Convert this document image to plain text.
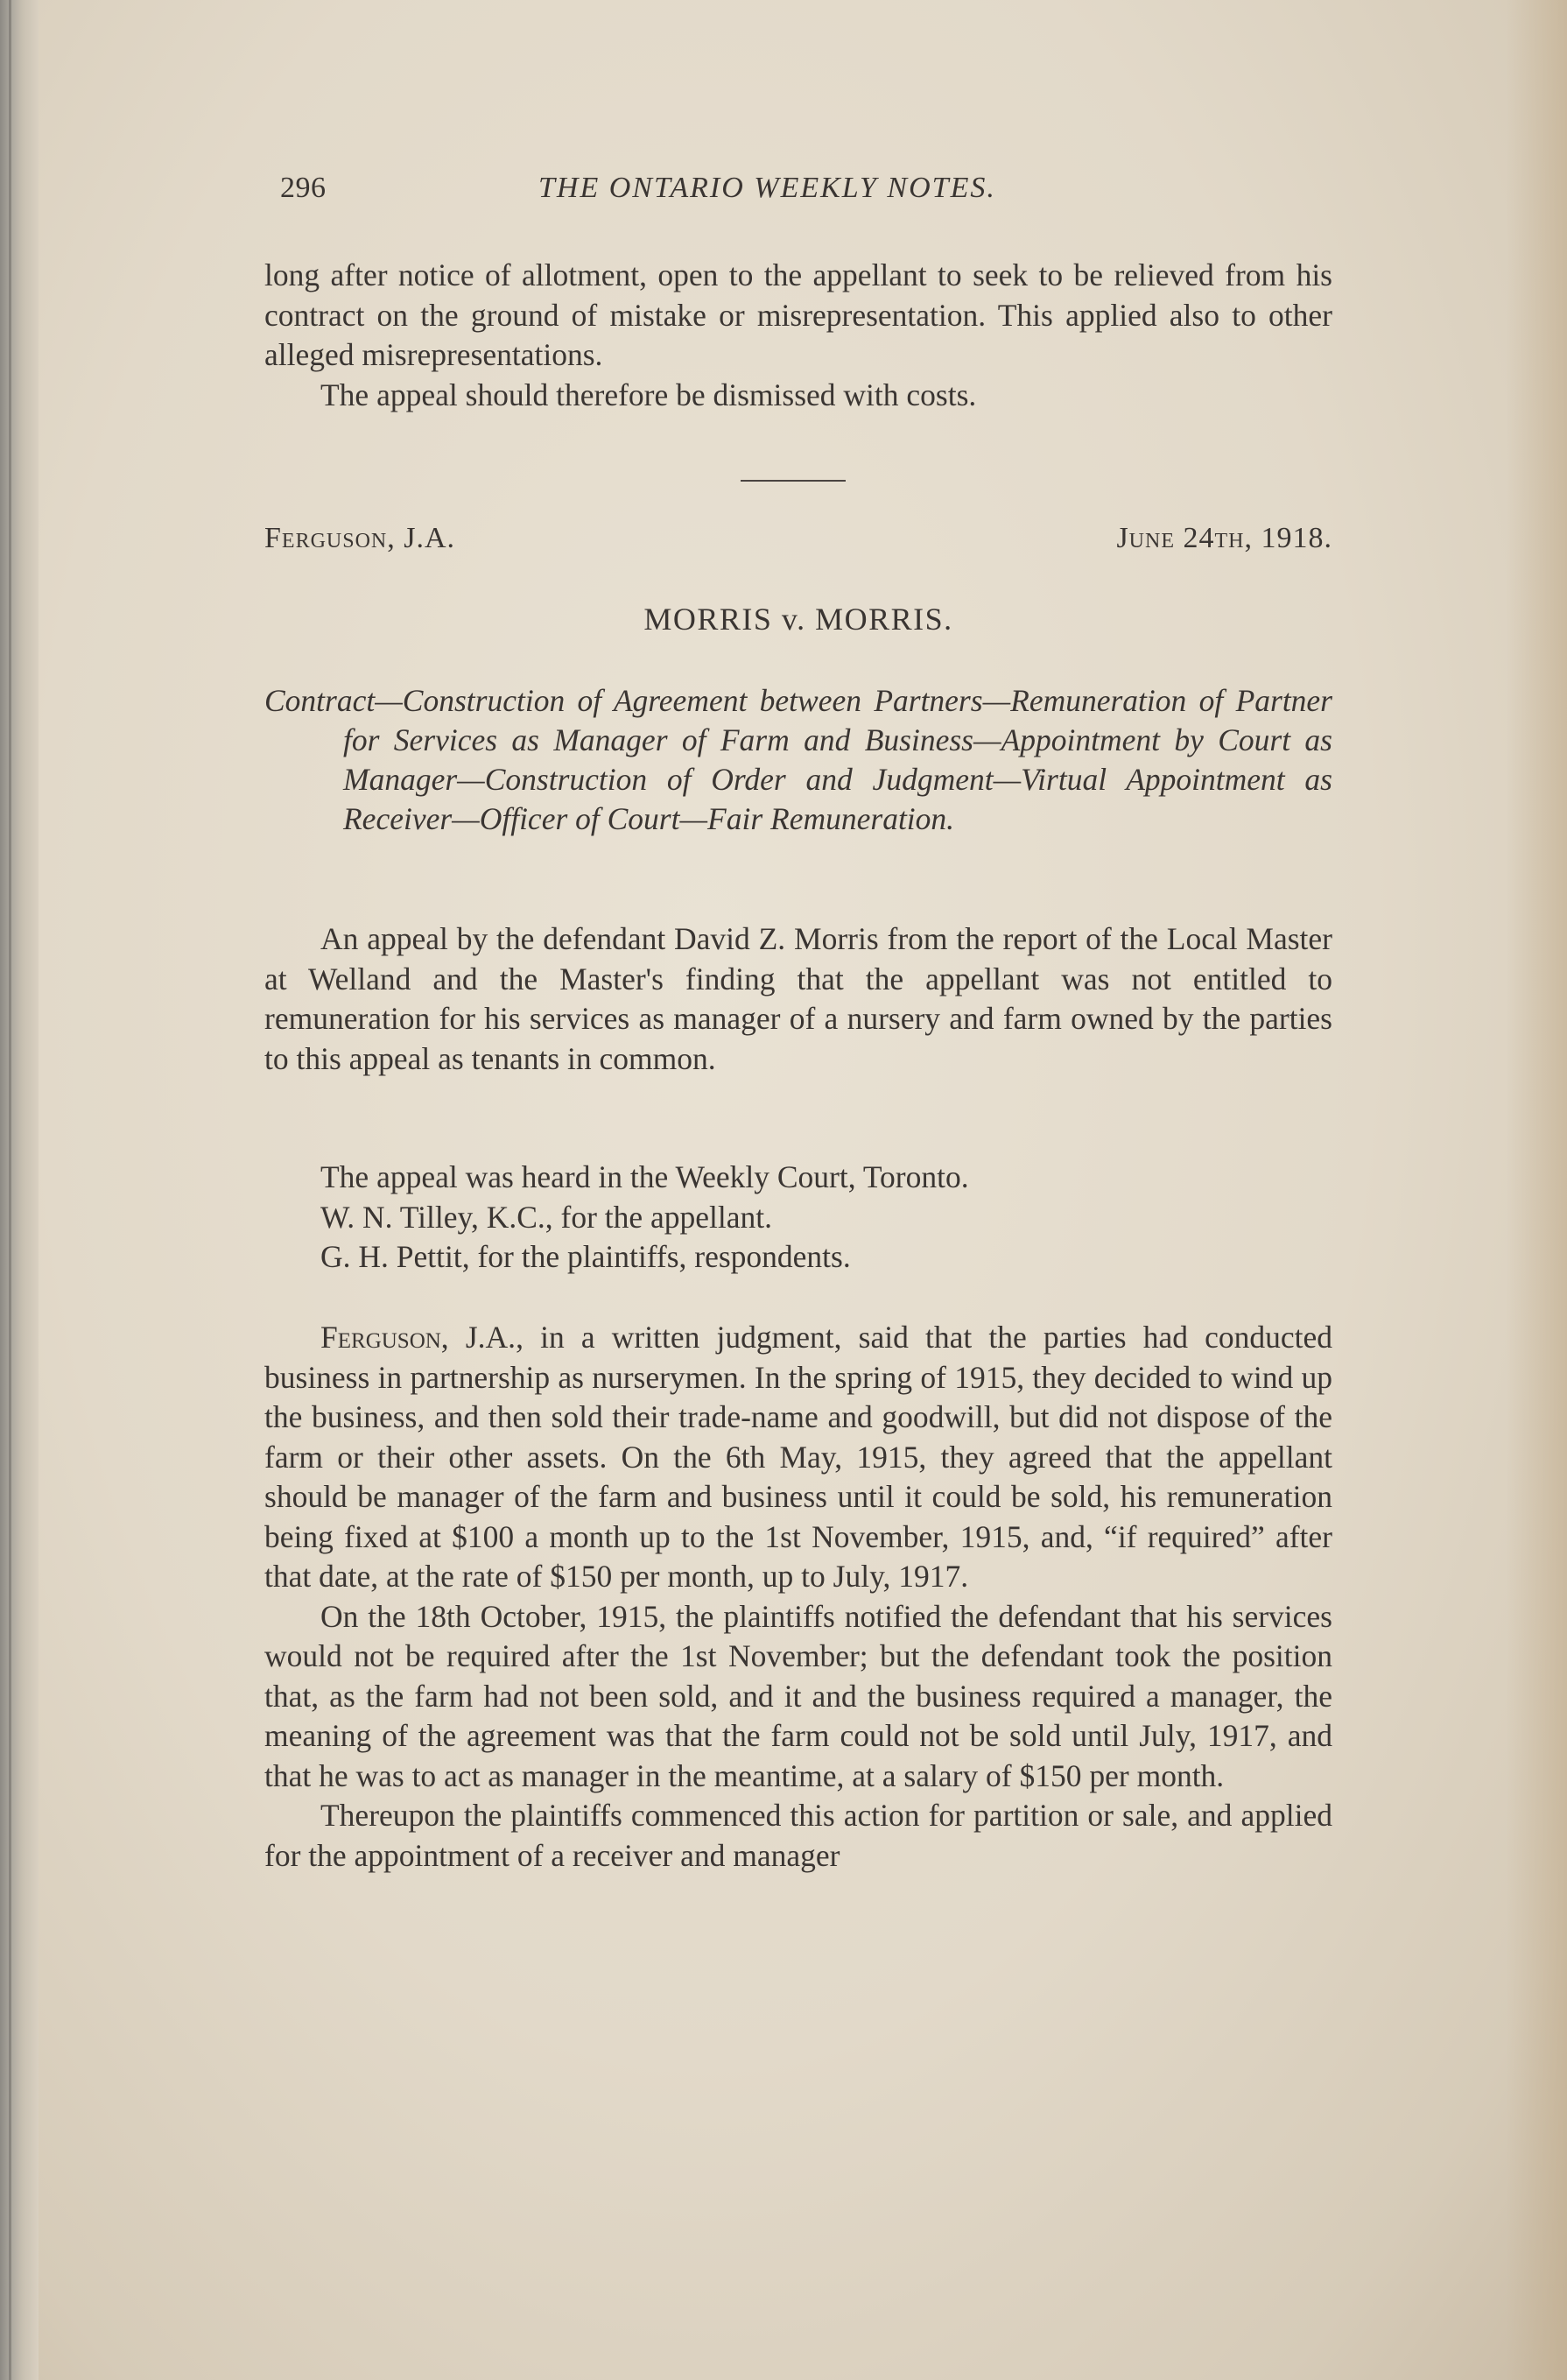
296	THE ONTARIO WEEKLY NOTES.

long after notice of allotment, open to the appellant to seek to be relieved from his contract on the ground of mistake or misrepresentation. This applied also to other alleged misrepresentations.

The appeal should therefore be dismissed with costs.

Ferguson, J.A.	June 24th, 1918.
MORRIS v. MORRIS.

Contract—Construction of Agreement between Partners—Remuneration of Partner for Services as Manager of Farm and Business—Appointment by Court as Manager—Construction of Order and Judgment—Virtual Appointment as Receiver—Officer of Court—Fair Remuneration.

An appeal by the defendant David Z. Morris from the report of the Local Master at Welland and the Master's finding that the appellant was not entitled to remuneration for his services as manager of a nursery and farm owned by the parties to this appeal as tenants in common.

The appeal was heard in the Weekly Court, Toronto.

W. N. Tilley, K.C., for the appellant.

G. H. Pettit, for the plaintiffs, respondents.

Ferguson, J.A., in a written judgment, said that the parties had conducted business in partnership as nurserymen. In the spring of 1915, they decided to wind up the business, and then sold their trade-name and goodwill, but did not dispose of the farm or their other assets. On the 6th May, 1915, they agreed that the appellant should be manager of the farm and business until it could be sold, his remuneration being fixed at $100 a month up to the 1st November, 1915, and, “if required” after that date, at the rate of $150 per month, up to July, 1917.

On the 18th October, 1915, the plaintiffs notified the defendant that his services would not be required after the 1st November; but the defendant took the position that, as the farm had not been sold, and it and the business required a manager, the meaning of the agreement was that the farm could not be sold until July, 1917, and that he was to act as manager in the meantime, at a salary of $150 per month.

Thereupon the plaintiffs commenced this action for partition or sale, and applied for the appointment of a receiver and manager
